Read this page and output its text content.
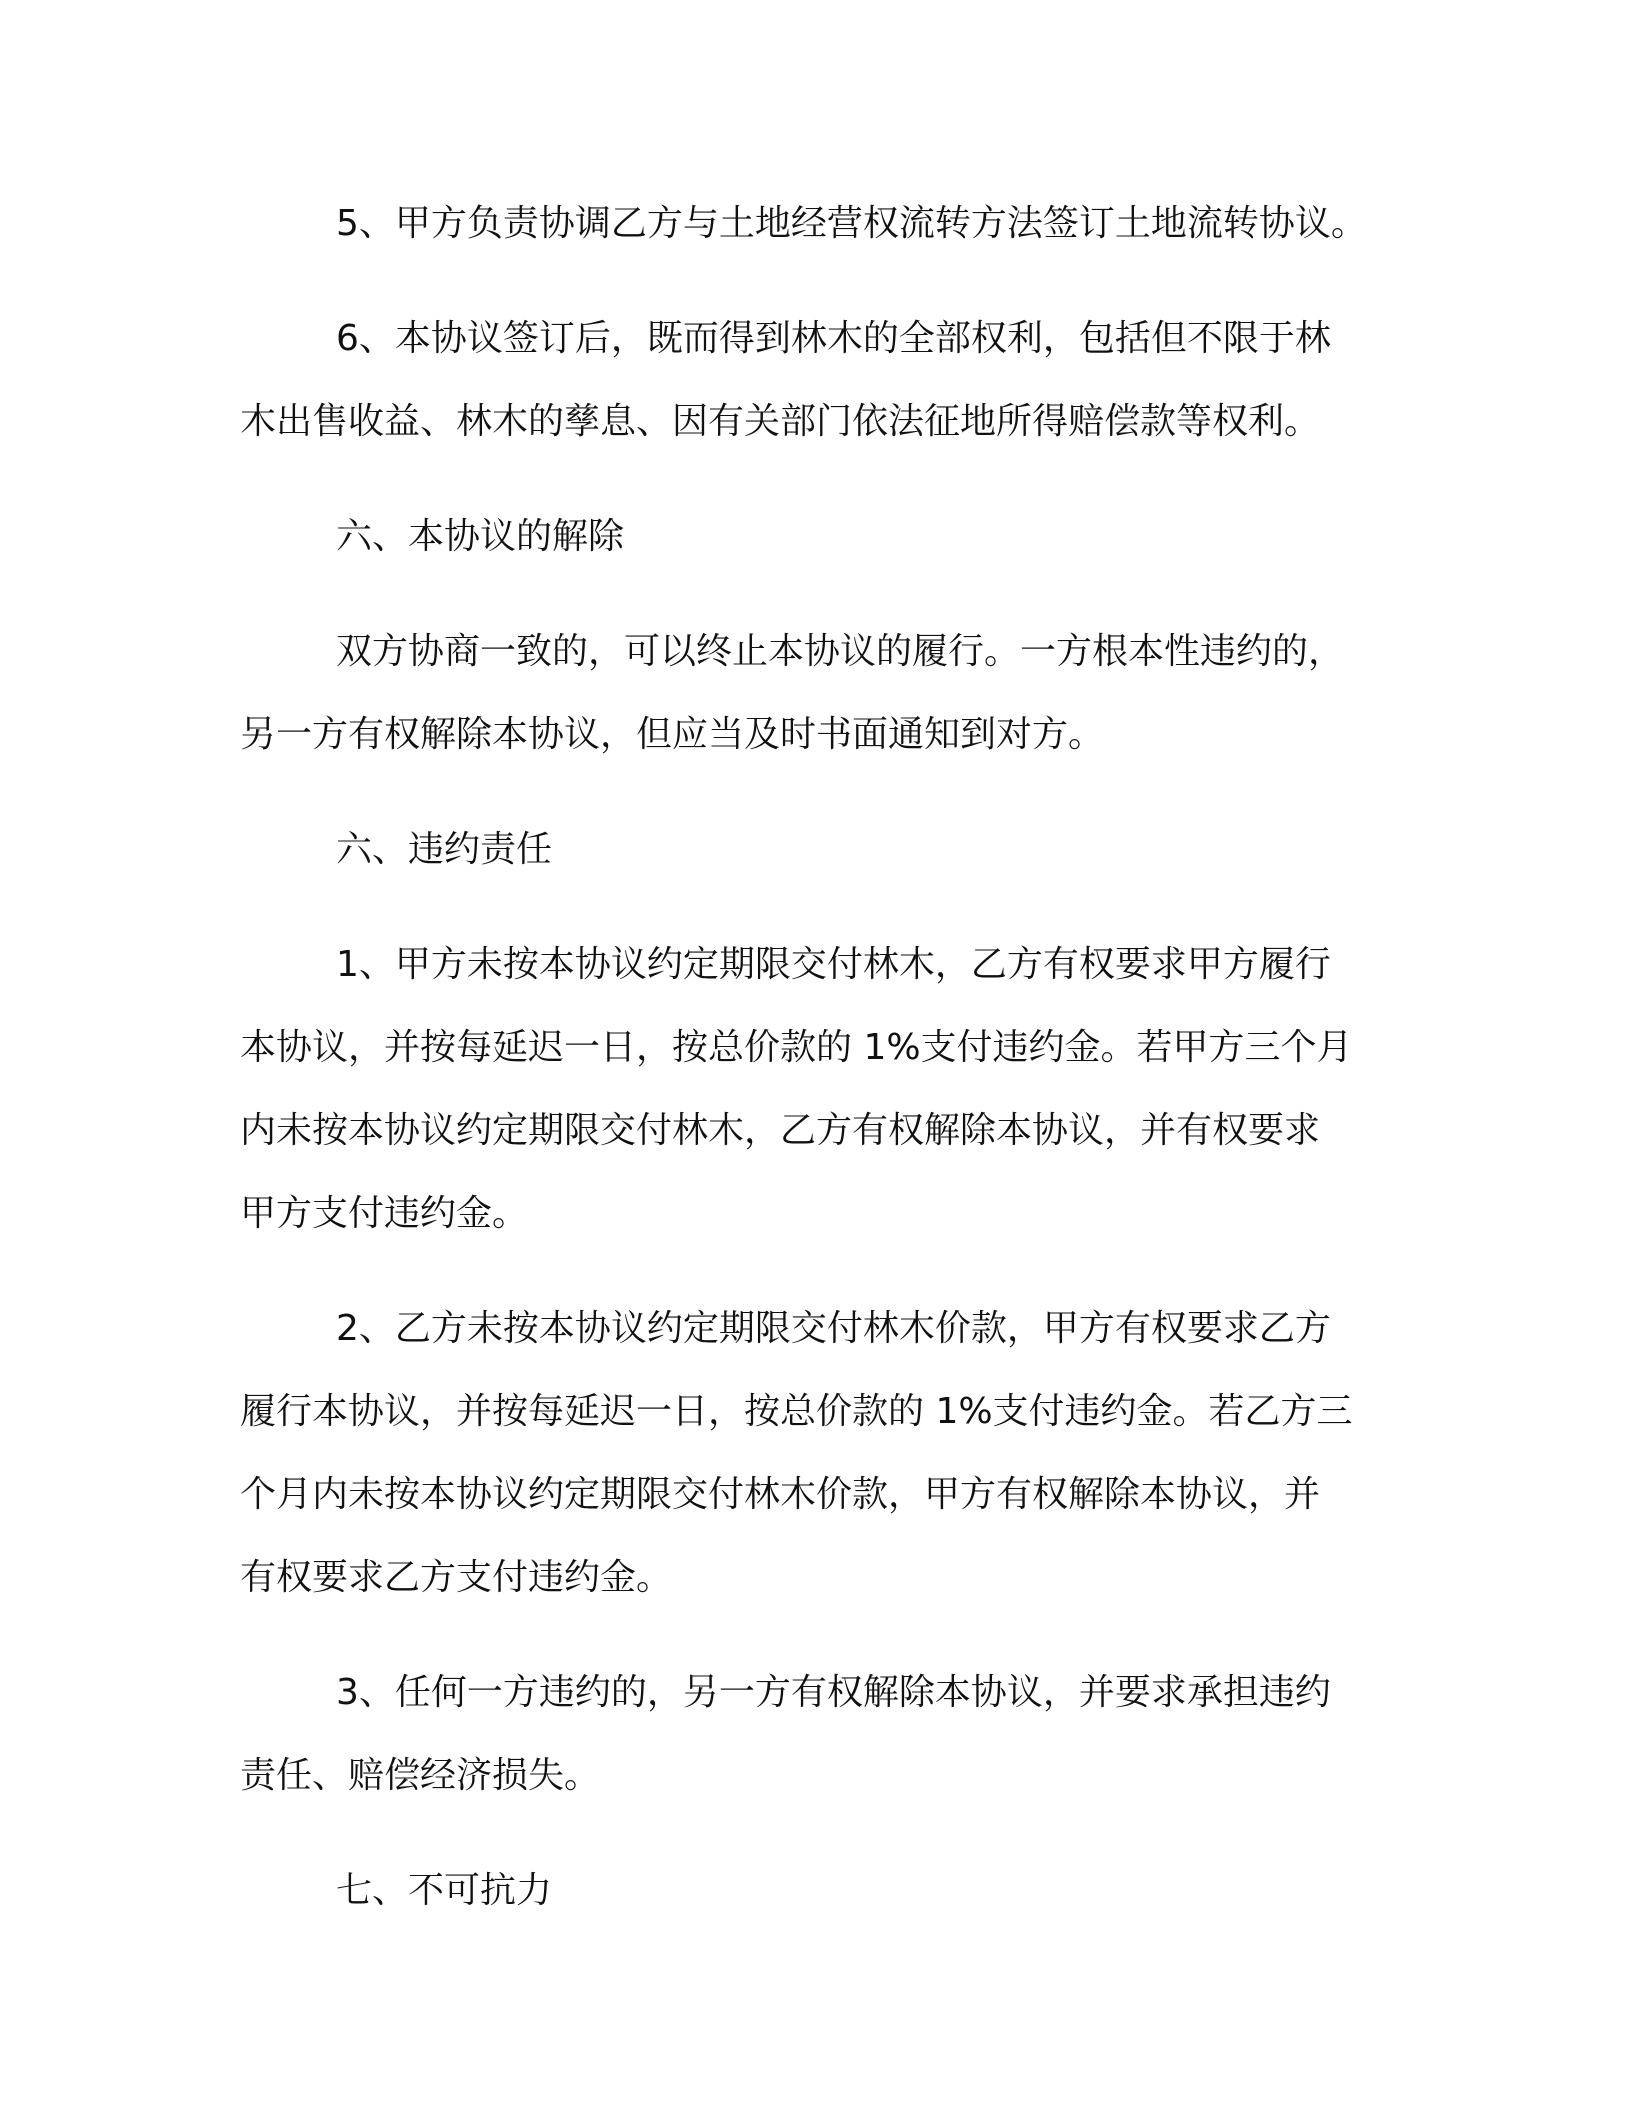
5、甲方负责协调乙方与土地经营权流转方法签订土地流转协议。
6、本协议签订后，既而得到林木的全部权利，包括但不限于林
木出售收益、林木的孳息、因有关部门依法征地所得赔偿款等权利。
六、本协议的解除
双方协商一致的，可以终止本协议的履行。一方根本性违约的，
另一方有权解除本协议，但应当及时书面通知到对方。
六、违约责任
1、甲方未按本协议约定期限交付林木，乙方有权要求甲方履行
本协议，并按每延迟一日，按总价款的 1%支付违约金。若甲方三个月
内未按本协议约定期限交付林木，乙方有权解除本协议，并有权要求
甲方支付违约金。
2、乙方未按本协议约定期限交付林木价款，甲方有权要求乙方
履行本协议，并按每延迟一日，按总价款的 1%支付违约金。若乙方三
个月内未按本协议约定期限交付林木价款，甲方有权解除本协议，并
有权要求乙方支付违约金。
3、任何一方违约的，另一方有权解除本协议，并要求承担违约
责任、赔偿经济损失。
七、不可抗力
